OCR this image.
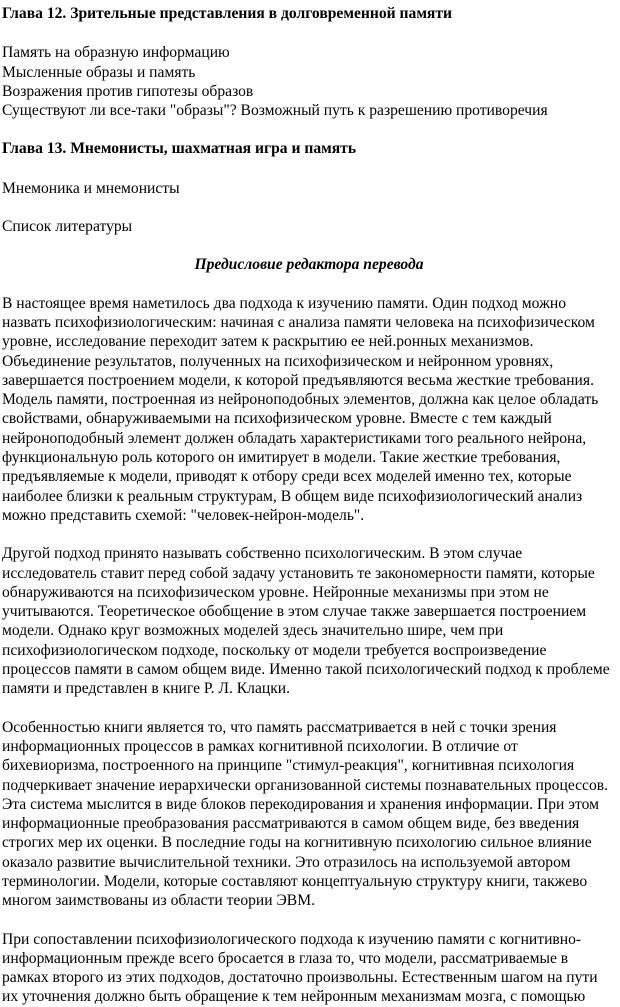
Глава 12. Зрительные представления в долговременной памяти
Память на образную информацию
Мысленные образы и память
Возражения против гипотезы образов
Существуют ли все-таки "образы"? Возможный путь к разрешению противоречия
Глава 13. Мнемонисты, шахматная игра и память
Мнемоника и мнемонисты
Список литературы
Предисловие редактора перевода
В настоящее время наметилось два подхода к изучению памяти. Один подход можно назвать психофизиологическим: начиная с анализа памяти человека на психофизическом уровне, исследование переходит затем к раскрытию ее ней.ронных механизмов. Объединение результатов, полученных на психофизическом и нейронном уровнях, завершается построением модели, к которой предъявляются весьма жесткие требования. Модель памяти, построенная из нейроноподобных элементов, должна как целое обладать свойствами, обнаруживаемыми на психофизическом уровне. Вместе с тем каждый нейроноподобный элемент должен обладать характеристиками того реального нейрона, функциональную роль которого он имитирует в модели. Такие жесткие требования, предъявляемые к модели, приводят к отбору среди всех моделей именно тех, которые наиболее близки к реальным структурам, В общем виде психофизиологический анализ можно представить схемой: "человек-нейрон-модель".
Другой подход принято называть собственно психологическим. В этом случае исследователь ставит перед собой задачу установить те закономерности памяти, которые обнаруживаются на психофизическом уровне. Нейронные механизмы при этом не учитываются. Теоретическое обобщение в этом случае также завершается построением модели. Однако круг возможных моделей здесь значительно шире, чем при психофизиологическом подходе, поскольку от модели требуется воспроизведение процессов памяти в самом общем виде. Именно такой психологический подход к проблеме памяти и представлен в книге Р. Л. Клацки.
Особенностью книги является то, что память рассматривается в ней с точки зрения информационных процессов в рамках когнитивной психологии. В отличие от бихевиоризма, построенного на принципе "стимул-реакция", когнитивная психология подчеркивает значение иерархически организованной системы познавательных процессов. Эта система мыслится в виде блоков перекодирования и хранения информации. При этом информационные преобразования рассматриваются в самом общем виде, без введения строгих мер их оценки. В последние годы на когнитивную психологию сильное влияние оказало развитие вычислительной техники. Это отразилось на используемой автором терминологии. Модели, которые составляют концептуальную структуру книги, такжево многом заимствованы из области теории ЭВМ.
При сопоставлении психофизиологического подхода к изучению памяти с когнитивно-информационным прежде всего бросается в глаза то, что модели, рассматриваемые в рамках второго из этих подходов, достаточно произвольны. Естественным шагом на пути их уточнения должно быть обращение к тем нейронным механизмам мозга, с помощью
